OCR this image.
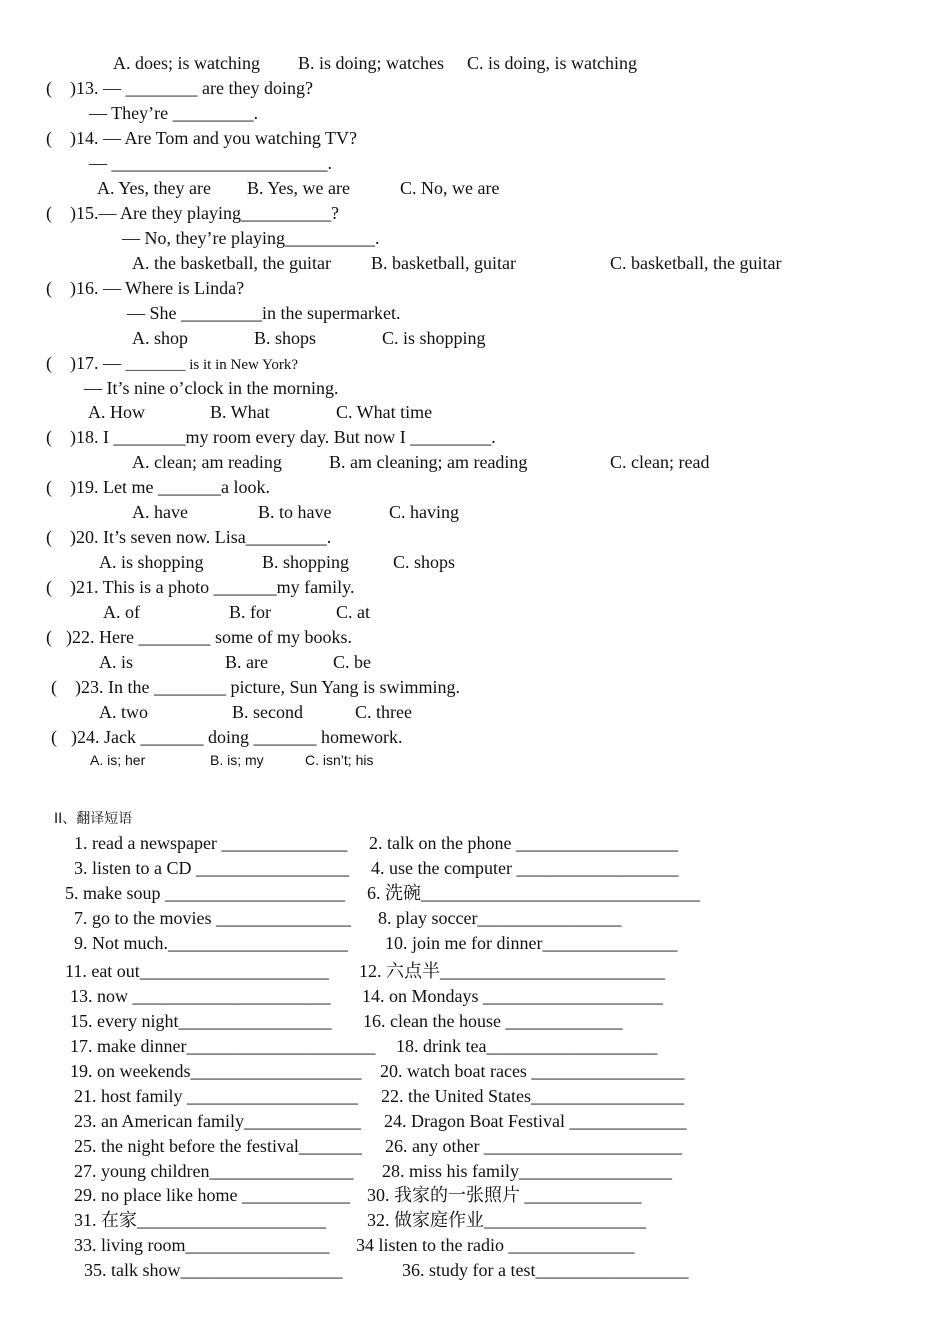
A. does; is watching B. is doing; watches C. is doing, is watching
( )13. — ________ are they doing?
— They’re _________.
( )14. — Are Tom and you watching TV?
— ________________________.
A. Yes, they are B. Yes, we are	C. No, we are
( )15.— Are they playing__________?
— No, they’re playing__________.
A. the basketball, the guitar B. basketball, guitar	C. basketball, the guitar
( )16. — Where is Linda?
— She _________in the supermarket.
A. shop	B. shops	C. is shopping
( )17. — ________ is it in New York?
— It’s nine o’clock in the morning.
A. How	B. What	C. What time
( )18. I ________my room every day. But now I _________.
A. clean; am reading	B. am cleaning; am reading	C. clean; read
( )19. Let me _______a look.
A. have	B. to have	C. having
( )20. It’s seven now. Lisa_________.
A. is shopping	B. shopping C. shops
( )21. This is a photo _______my family.
A. of	B. for	C. at
( )22. Here ________ some of my books.
A. is	B. are	C. be
( )23. In the ________ picture, Sun Yang is swimming.
A. two	B. second	C. three
( )24. Jack _______ doing _______ homework.
A. is; her	B. is; my	C. isn’t; his
II、翻译短语
1. read a newspaper ______________ 2. talk on the phone __________________
3. listen to a CD _________________ 4. use the computer __________________
5. make soup ____________________ 6. 洗碗_______________________________
7. go to the movies _______________ 8. play soccer________________
9. Not much.____________________ 10. join me for dinner_______________
11. eat out_____________________ 12. 六点半_________________________
13. now ______________________ 14. on Mondays ____________________
15. every night_________________ 16. clean the house _____________
17. make dinner_____________________ 18. drink tea___________________
19. on weekends___________________ 20. watch boat races _________________
21. host family ___________________ 22. the United States_________________
23. an American family_____________ 24. Dragon Boat Festival _____________
25. the night before the festival_______ 26. any other ______________________
27. young children________________ 28. miss his family_________________
29. no place like home ____________ 30. 我家的一张照片 _____________
31. 在家_____________________ 32. 做家庭作业__________________
33. living room________________ 34 listen to the radio ______________
35. talk show__________________	36. study for a test_________________
